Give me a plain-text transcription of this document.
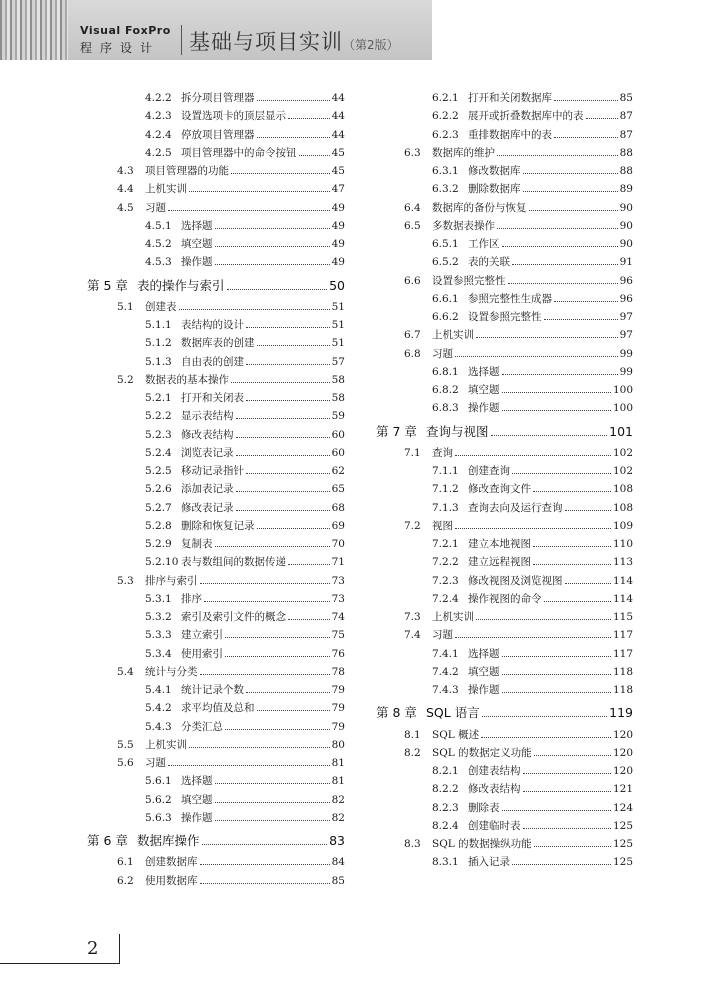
Visual FoxPro
程序设计 基础与项目实训（第2版）
4.2.2 拆分项目管理器	44
4.2.3 设置选项卡的顶层显示	44
4.2.4 停放项目管理器	44
4.2.5 项目管理器中的命令按钮	45
4.3	项目管理器的功能	45
4.4	上机实训	47
4.5	习题	49
4.5.1 选择题	49
4.5.2 填空题	49
4.5.3 操作题	49
第 5 章 表的操作与索引	50
5.1	创建表	51
5.1.1 表结构的设计	51
5.1.2 数据库表的创建	51
5.1.3 自由表的创建	57
5.2	数据表的基本操作	58
5.2.1 打开和关闭表	58
5.2.2 显示表结构	59
5.2.3 修改表结构	60
5.2.4 浏览表记录	60
5.2.5 移动记录指针	62
5.2.6 添加表记录	65
5.2.7 修改表记录	68
5.2.8 删除和恢复记录	69
5.2.9 复制表	70
5.2.10 表与数组间的数据传递	71
5.3	排序与索引	73
5.3.1 排序	73
5.3.2 索引及索引文件的概念	74
5.3.3 建立索引	75
5.3.4 使用索引	76
5.4	统计与分类	78
5.4.1 统计记录个数	79
5.4.2 求平均值及总和	79
5.4.3 分类汇总	79
5.5	上机实训	80
5.6	习题	81
5.6.1 选择题	81
5.6.2 填空题	82
5.6.3 操作题	82
第 6 章 数据库操作	83
6.1	创建数据库	84
6.2	使用数据库	85
6.2.1 打开和关闭数据库	85
6.2.2 展开或折叠数据库中的表	87
6.2.3 重排数据库中的表	87
6.3	数据库的维护	88
6.3.1 修改数据库	88
6.3.2 删除数据库	89
6.4	数据库的备份与恢复	90
6.5	多数据表操作	90
6.5.1 工作区	90
6.5.2 表的关联	91
6.6	设置参照完整性	96
6.6.1 参照完整性生成器	96
6.6.2 设置参照完整性	97
6.7	上机实训	97
6.8	习题	99
6.8.1 选择题	99
6.8.2 填空题	100
6.8.3 操作题	100
第 7 章 查询与视图	101
7.1	查询	102
7.1.1 创建查询	102
7.1.2 修改查询文件	108
7.1.3 查询去向及运行查询	108
7.2	视图	109
7.2.1 建立本地视图	110
7.2.2 建立远程视图	113
7.2.3 修改视图及浏览视图	114
7.2.4 操作视图的命令	114
7.3	上机实训	115
7.4	习题	117
7.4.1 选择题	117
7.4.2 填空题	118
7.4.3 操作题	118
第 8 章 SQL 语言	119
8.1	SQL 概述	120
8.2	SQL 的数据定义功能	120
8.2.1 创建表结构	120
8.2.2 修改表结构	121
8.2.3 删除表	124
8.2.4 创建临时表	125
8.3	SQL 的数据操纵功能	125
8.3.1 插入记录	125
2
